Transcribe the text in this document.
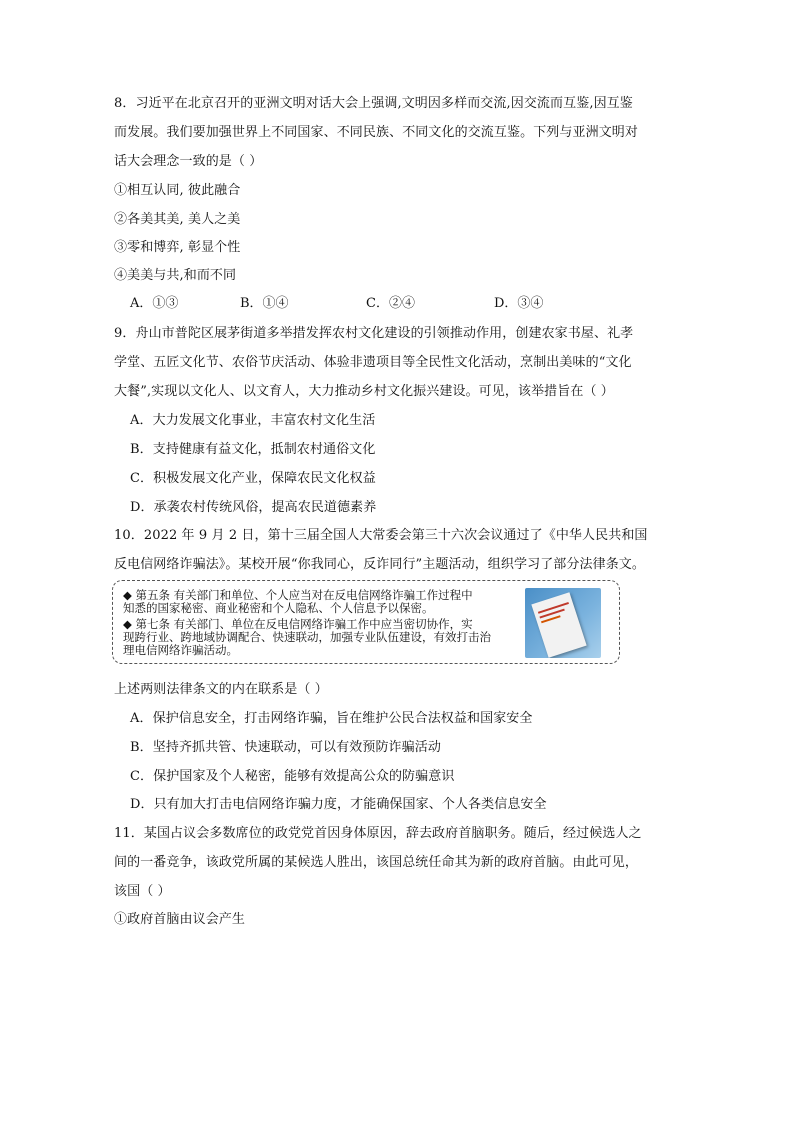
8．习近平在北京召开的亚洲文明对话大会上强调,文明因多样而交流,因交流而互鉴,因互鉴
而发展。我们要加强世界上不同国家、不同民族、不同文化的交流互鉴。下列与亚洲文明对
话大会理念一致的是（ ）
①相互认同, 彼此融合
②各美其美, 美人之美
③零和博弈, 彰显个性
④美美与共,和而不同
A．①③	B．①④	C．②④	D．③④
9．舟山市普陀区展茅街道多举措发挥农村文化建设的引领推动作用，创建农家书屋、礼孝
学堂、五匠文化节、农俗节庆活动、体验非遗项目等全民性文化活动，烹制出美味的“文化
大餐”,实现以文化人、以文育人，大力推动乡村文化振兴建设。可见，该举措旨在（ ）
A．大力发展文化事业，丰富农村文化生活
B．支持健康有益文化，抵制农村通俗文化
C．积极发展文化产业，保障农民文化权益
D．承袭农村传统风俗，提高农民道德素养
10．2022 年 9 月 2 日，第十三届全国人大常委会第三十六次会议通过了《中华人民共和国
反电信网络诈骗法》。某校开展“你我同心，反诈同行”主题活动，组织学习了部分法律条文。
◆ 第五条 有关部门和单位、个人应当对在反电信网络诈骗工作过程中
知悉的国家秘密、商业秘密和个人隐私、个人信息予以保密。
◆ 第七条 有关部门、单位在反电信网络诈骗工作中应当密切协作，实
现跨行业、跨地域协调配合、快速联动，加强专业队伍建设，有效打击治
理电信网络诈骗活动。
上述两则法律条文的内在联系是（ ）
A．保护信息安全，打击网络诈骗，旨在维护公民合法权益和国家安全
B．坚持齐抓共管、快速联动，可以有效预防诈骗活动
C．保护国家及个人秘密，能够有效提高公众的防骗意识
D．只有加大打击电信网络诈骗力度，才能确保国家、个人各类信息安全
11．某国占议会多数席位的政党党首因身体原因，辞去政府首脑职务。随后，经过候选人之
间的一番竞争，该政党所属的某候选人胜出，该国总统任命其为新的政府首脑。由此可见，
该国（ ）
①政府首脑由议会产生
